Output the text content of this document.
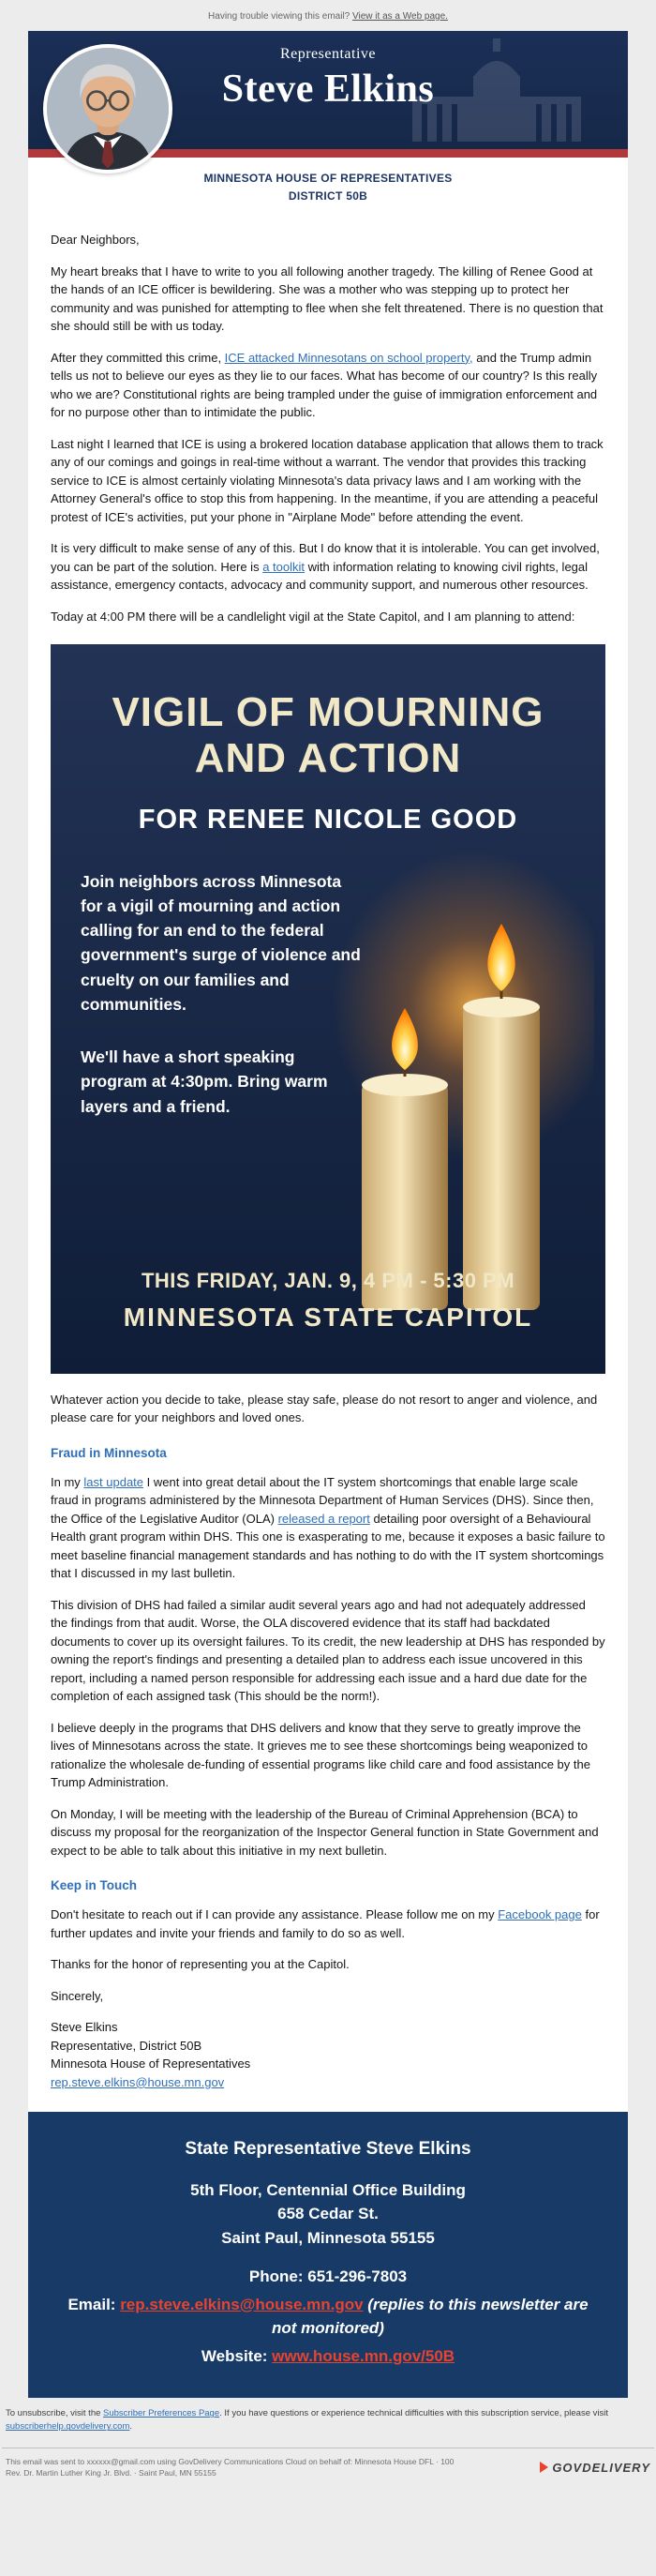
Having trouble viewing this email? View it as a Web page.
Representative
Steve Elkins
MINNESOTA HOUSE OF REPRESENTATIVES
DISTRICT 50B

Dear Neighbors,

My heart breaks that I have to write to you all following another tragedy. The killing of Renee Good at the hands of an ICE officer is bewildering. She was a mother who was stepping up to protect her community and was punished for attempting to flee when she felt threatened. There is no question that she should still be with us today.

After they committed this crime, ICE attacked Minnesotans on school property, and the Trump admin tells us not to believe our eyes as they lie to our faces. What has become of our country? Is this really who we are? Constitutional rights are being trampled under the guise of immigration enforcement and for no purpose other than to intimidate the public.

Last night I learned that ICE is using a brokered location database application that allows them to track any of our comings and goings in real-time without a warrant. The vendor that provides this tracking service to ICE is almost certainly violating Minnesota's data privacy laws and I am working with the Attorney General's office to stop this from happening. In the meantime, if you are attending a peaceful protest of ICE's activities, put your phone in "Airplane Mode" before attending the event.

It is very difficult to make sense of any of this. But I do know that it is intolerable. You can get involved, you can be part of the solution. Here is a toolkit with information relating to knowing civil rights, legal assistance, emergency contacts, advocacy and community support, and numerous other resources.

Today at 4:00 PM there will be a candlelight vigil at the State Capitol, and I am planning to attend:

VIGIL OF MOURNING
AND ACTION
FOR RENEE NICOLE GOOD
Join neighbors across Minnesota for a vigil of mourning and action calling for an end to the federal government's surge of violence and cruelty on our families and communities.
We'll have a short speaking program at 4:30pm. Bring warm layers and a friend.
THIS FRIDAY, JAN. 9, 4 PM - 5:30 PM
MINNESOTA STATE CAPITOL

Whatever action you decide to take, please stay safe, please do not resort to anger and violence, and please care for your neighbors and loved ones.

Fraud in Minnesota

In my last update I went into great detail about the IT system shortcomings that enable large scale fraud in programs administered by the Minnesota Department of Human Services (DHS). Since then, the Office of the Legislative Auditor (OLA) released a report detailing poor oversight of a Behavioural Health grant program within DHS. This one is exasperating to me, because it exposes a basic failure to meet baseline financial management standards and has nothing to do with the IT system shortcomings that I discussed in my last bulletin.

This division of DHS had failed a similar audit several years ago and had not adequately addressed the findings from that audit. Worse, the OLA discovered evidence that its staff had backdated documents to cover up its oversight failures. To its credit, the new leadership at DHS has responded by owning the report's findings and presenting a detailed plan to address each issue uncovered in this report, including a named person responsible for addressing each issue and a hard due date for the completion of each assigned task (This should be the norm!).

I believe deeply in the programs that DHS delivers and know that they serve to greatly improve the lives of Minnesotans across the state. It grieves me to see these shortcomings being weaponized to rationalize the wholesale de-funding of essential programs like child care and food assistance by the Trump Administration.

On Monday, I will be meeting with the leadership of the Bureau of Criminal Apprehension (BCA) to discuss my proposal for the reorganization of the Inspector General function in State Government and expect to be able to talk about this initiative in my next bulletin.

Keep in Touch

Don't hesitate to reach out if I can provide any assistance. Please follow me on my Facebook page for further updates and invite your friends and family to do so as well.

Thanks for the honor of representing you at the Capitol.

Sincerely,

Steve Elkins
Representative, District 50B
Minnesota House of Representatives
rep.steve.elkins@house.mn.gov
State Representative Steve Elkins
5th Floor, Centennial Office Building
658 Cedar St.
Saint Paul, Minnesota 55155
Phone: 651-296-7803
Email: rep.steve.elkins@house.mn.gov (replies to this newsletter are not monitored)
Website: www.house.mn.gov/50B
To unsubscribe, visit the Subscriber Preferences Page. If you have questions or experience technical difficulties with this subscription service, please visit subscriberhelp.govdelivery.com.
This email was sent to xxxxxx@gmail.com using GovDelivery Communications Cloud on behalf of: Minnesota House DFL · 100 Rev. Dr. Martin Luther King Jr. Blvd. · Saint Paul, MN 55155	GOVDELIVERY
